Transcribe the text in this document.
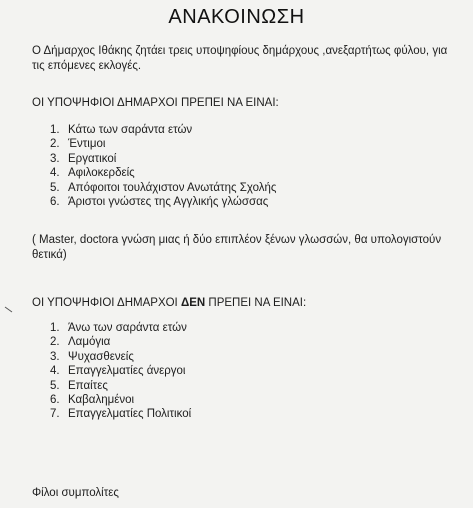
ΑΝΑΚΟΙΝΩΣΗ
Ο Δήμαρχος Ιθάκης ζητάει τρεις υποψηφίους δημάρχους ,ανεξαρτήτως φύλου, για τις επόμενες εκλογές.
ΟΙ ΥΠΟΨΗΦΙΟΙ ΔΗΜΑΡΧΟΙ ΠΡΕΠΕΙ ΝΑ ΕΙΝΑΙ:
1. Κάτω των σαράντα ετών
2. Έντιμοι
3. Εργατικοί
4. Αφιλοκερδείς
5. Απόφοιτοι τουλάχιστον Ανωτάτης Σχολής
6. Άριστοι γνώστες της Αγγλικής γλώσσας
( Master, doctora γνώση μιας ή δύο επιπλέον ξένων γλωσσών, θα υπολογιστούν θετικά)
ΟΙ ΥΠΟΨΗΦΙΟΙ ΔΗΜΑΡΧΟΙ ΔΕΝ ΠΡΕΠΕΙ ΝΑ ΕΙΝΑΙ:
1. Άνω των σαράντα ετών
2. Λαμόγια
3. Ψυχασθενείς
4. Επαγγελματίες άνεργοι
5. Επαίτες
6. Καβαλημένοι
7. Επαγγελματίες Πολιτικοί
Φίλοι συμπολίτες
